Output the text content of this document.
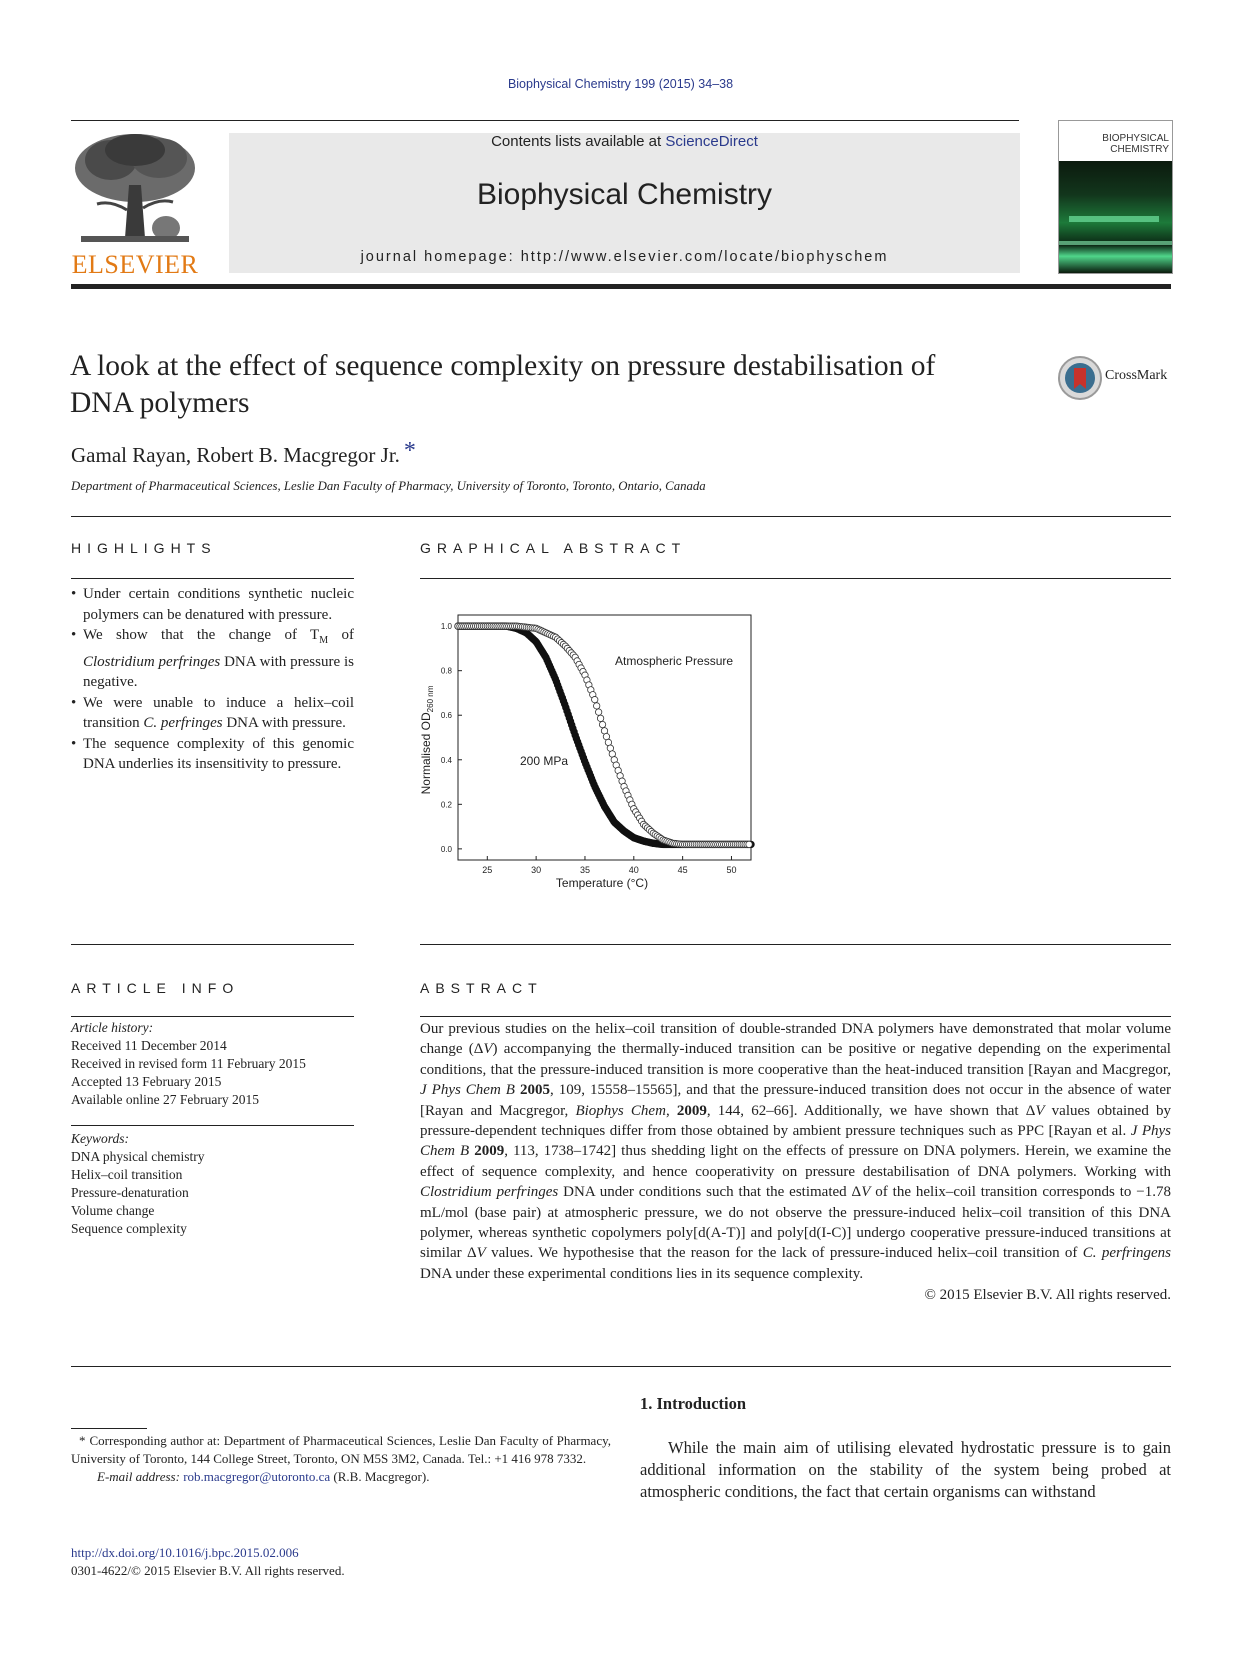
Biophysical Chemistry 199 (2015) 34–38
ELSEVIER
Contents lists available at ScienceDirect
Biophysical Chemistry
journal homepage: http://www.elsevier.com/locate/biophyschem
BIOPHYSICAL CHEMISTRY
A look at the effect of sequence complexity on pressure destabilisation of
DNA polymers
CrossMark
Gamal Rayan, Robert B. Macgregor Jr. *
Department of Pharmaceutical Sciences, Leslie Dan Faculty of Pharmacy, University of Toronto, Toronto, Ontario, Canada
HIGHLIGHTS
• Under certain conditions synthetic nucleic polymers can be denatured with pressure.
• We show that the change of $T_M$ of Clostridium perfringes DNA with pressure is negative.
• We were unable to induce a helix–coil transition C. perfringes DNA with pressure.
• The sequence complexity of this genomic DNA underlies its insensitivity to pressure.
GRAPHICAL ABSTRACT
25	30	35	40	45	50
0.0
0.2
0.4
0.6
0.8
1.0
Temperature (°C)
Normalised $OD_{260 nm}$
Atmospheric Pressure
200 MPa
ARTICLE INFO
Article history:
Received 11 December 2014
Received in revised form 11 February 2015
Accepted 13 February 2015
Available online 27 February 2015
Keywords:
DNA physical chemistry
Helix–coil transition
Pressure-denaturation
Volume change
Sequence complexity
ABSTRACT

Our previous studies on the helix–coil transition of double-stranded DNA polymers have demonstrated that molar volume change (ΔV) accompanying the thermally-induced transition can be positive or negative depending on the experimental conditions, that the pressure-induced transition is more cooperative than the heat-induced transition [Rayan and Macgregor, J Phys Chem B 2005, 109, 15558–15565], and that the pressure-induced transition does not occur in the absence of water [Rayan and Macgregor, Biophys Chem, 2009, 144, 62–66]. Additionally, we have shown that ΔV values obtained by pressure-dependent techniques differ from those obtained by ambient pressure techniques such as PPC [Rayan et al. J Phys Chem B 2009, 113, 1738–1742] thus shedding light on the effects of pressure on DNA polymers. Herein, we examine the effect of sequence complexity, and hence cooperativity on pressure destabilisation of DNA polymers. Working with Clostridium perfringes DNA under conditions such that the estimated ΔV of the helix–coil transition corresponds to −1.78 mL/mol (base pair) at atmospheric pressure, we do not observe the pressure-induced helix–coil transition of this DNA polymer, whereas synthetic copolymers poly[d(A-T)] and poly[d(I-C)] undergo cooperative pressure-induced transitions at similar ΔV values. We hypothesise that the reason for the lack of pressure-induced helix–coil transition of C. perfringens DNA under these experimental conditions lies in its sequence complexity.

© 2015 Elsevier B.V. All rights reserved.
1. Introduction

While the main aim of utilising elevated hydrostatic pressure is to gain additional information on the stability of the system being probed at atmospheric conditions, the fact that certain organisms can withstand

* Corresponding author at: Department of Pharmaceutical Sciences, Leslie Dan Faculty of Pharmacy, University of Toronto, 144 College Street, Toronto, ON M5S 3M2, Canada. Tel.: +1 416 978 7332.
E-mail address: rob.macgregor@utoronto.ca (R.B. Macgregor).
http://dx.doi.org/10.1016/j.bpc.2015.02.006
0301-4622/© 2015 Elsevier B.V. All rights reserved.
